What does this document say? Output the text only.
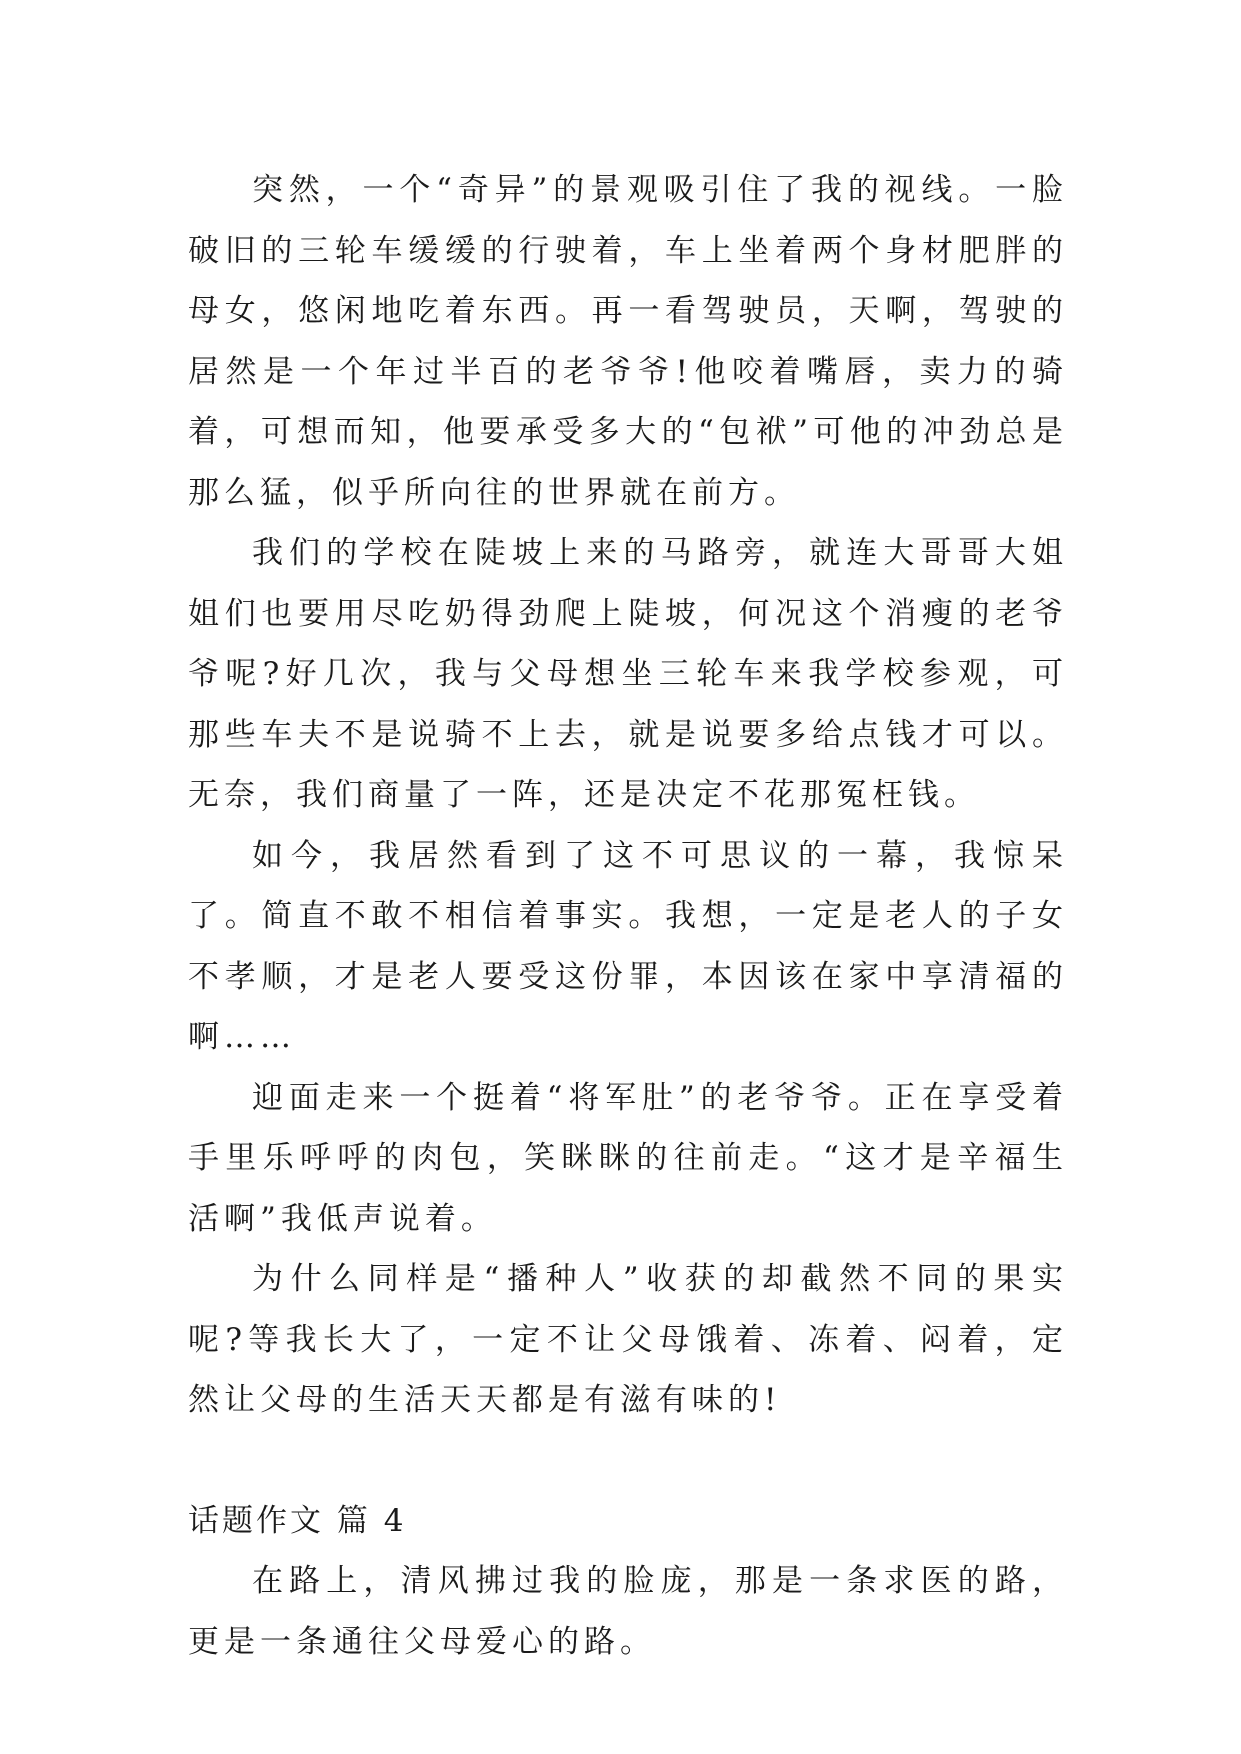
突然，一个“奇异”的景观吸引住了我的视线。一脸破旧的三轮车缓缓的行驶着，车上坐着两个身材肥胖的母女，悠闲地吃着东西。再一看驾驶员，天啊，驾驶的居然是一个年过半百的老爷爷!他咬着嘴唇，卖力的骑着，可想而知，他要承受多大的“包袱”可他的冲劲总是那么猛，似乎所向往的世界就在前方。

我们的学校在陡坡上来的马路旁，就连大哥哥大姐姐们也要用尽吃奶得劲爬上陡坡，何况这个消瘦的老爷爷呢?好几次，我与父母想坐三轮车来我学校参观，可那些车夫不是说骑不上去，就是说要多给点钱才可以。无奈，我们商量了一阵，还是决定不花那冤枉钱。

如今，我居然看到了这不可思议的一幕，我惊呆了。简直不敢不相信着事实。我想，一定是老人的子女不孝顺，才是老人要受这份罪，本因该在家中享清福的啊……

迎面走来一个挺着“将军肚”的老爷爷。正在享受着手里乐呼呼的肉包，笑眯眯的往前走。“这才是辛福生活啊”我低声说着。

为什么同样是“播种人”收获的却截然不同的果实呢?等我长大了，一定不让父母饿着、冻着、闷着，定然让父母的生活天天都是有滋有味的!

话题作文 篇 4

在路上，清风拂过我的脸庞，那是一条求医的路，更是一条通往父母爱心的路。
